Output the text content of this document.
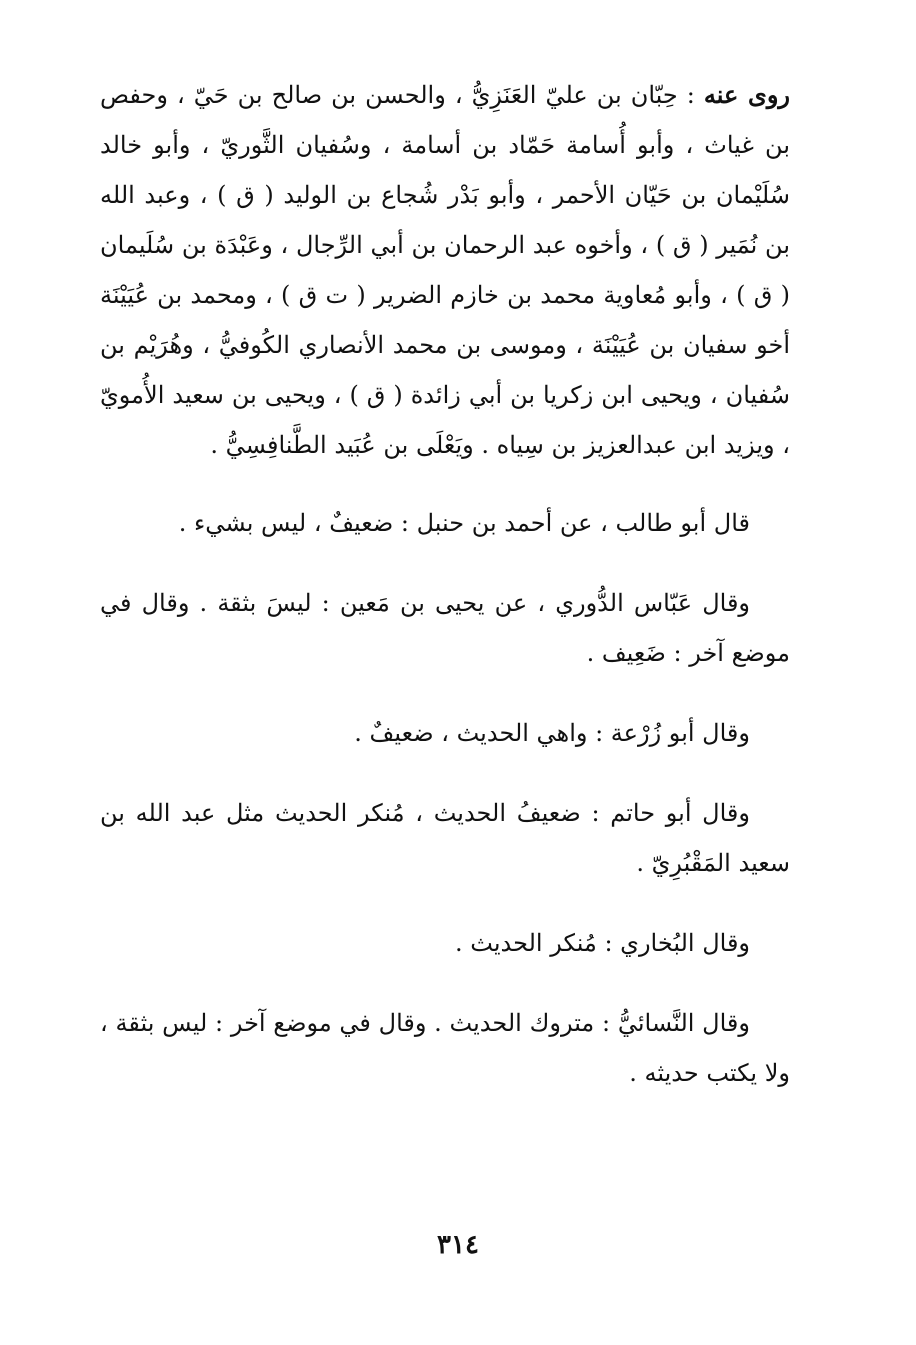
روى عنه : حِبّان بن عليّ العَنَزِيُّ ، والحسن بن صالح بن حَيّ ، وحفص بن غياث ، وأبو أُسامة حَمّاد بن أسامة ، وسُفيان الثَّوريّ ، وأبو خالد سُلَيْمان بن حَيّان الأحمر ، وأبو بَدْر شُجاع بن الوليد ( ق ) ، وعبد الله بن نُمَير ( ق ) ، وأخوه عبد الرحمان بن أبي الرِّجال ، وعَبْدَة بن سُلَيمان ( ق ) ، وأبو مُعاوية محمد بن خازم الضرير ( ت ق ) ، ومحمد بن عُيَيْنَة أخو سفيان بن عُيَيْنَة ، وموسى بن محمد الأنصاري الكُوفيُّ ، وهُرَيْم بن سُفيان ، ويحيى ابن زكريا بن أبي زائدة ( ق ) ، ويحيى بن سعيد الأُمويّ ، ويزيد ابن عبدالعزيز بن سِياه . ويَعْلَى بن عُبَيد الطَّنافِسِيُّ .

قال أبو طالب ، عن أحمد بن حنبل : ضعيفٌ ، ليس بشيء .

وقال عَبّاس الدُّوري ، عن يحيى بن مَعين : ليسَ بثقة . وقال في موضع آخر : ضَعِيف .

وقال أبو زُرْعة : واهي الحديث ، ضعيفٌ .

وقال أبو حاتم : ضعيفُ الحديث ، مُنكر الحديث مثل عبد الله بن سعيد المَقْبُرِيّ .

وقال البُخاري : مُنكر الحديث .

وقال النَّسائيُّ : متروك الحديث . وقال في موضع آخر : ليس بثقة ، ولا يكتب حديثه .

٣١٤
